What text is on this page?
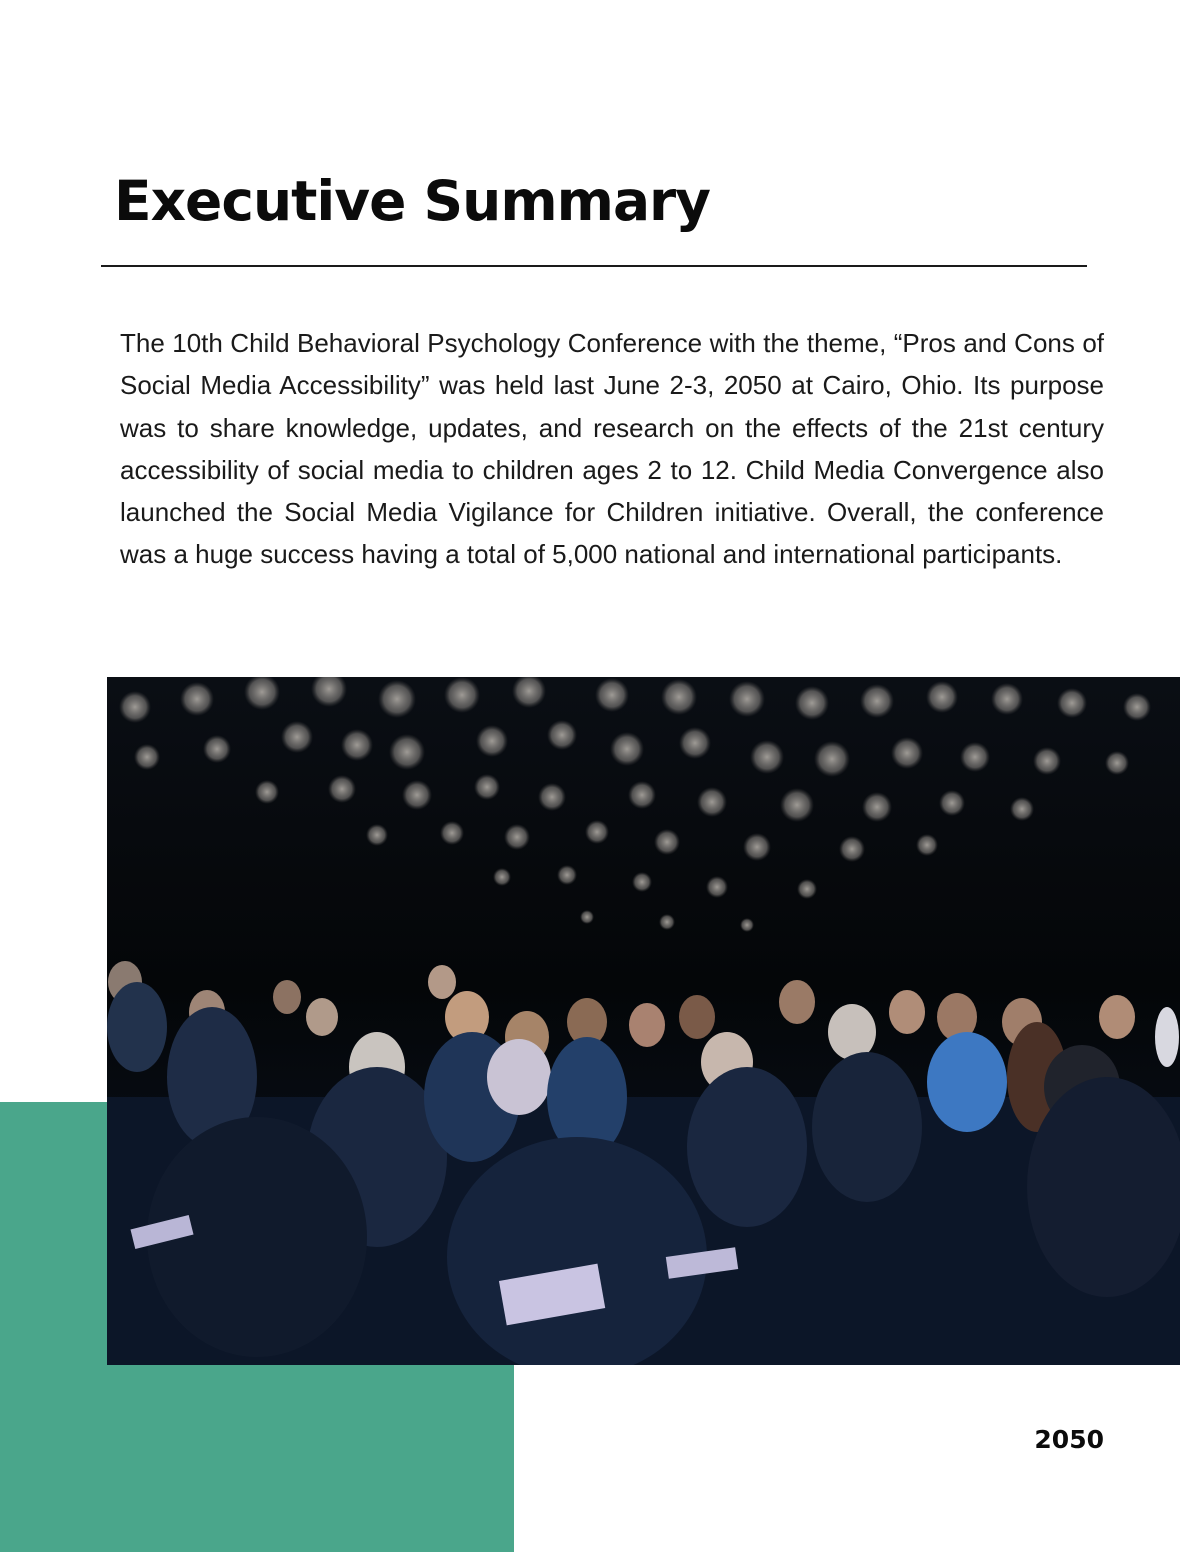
Executive Summary

The 10th Child Behavioral Psychology Conference with the theme, “Pros and Cons of Social Media Accessibility” was held last June 2-3, 2050 at Cairo, Ohio. Its purpose was to share knowledge, updates, and research on the effects of the 21st century accessibility of social media to children ages 2 to 12. Child Media Convergence also launched the Social Media Vigilance for Children initiative. Overall, the conference was a huge success having a total of 5,000 national and international participants.

2050
